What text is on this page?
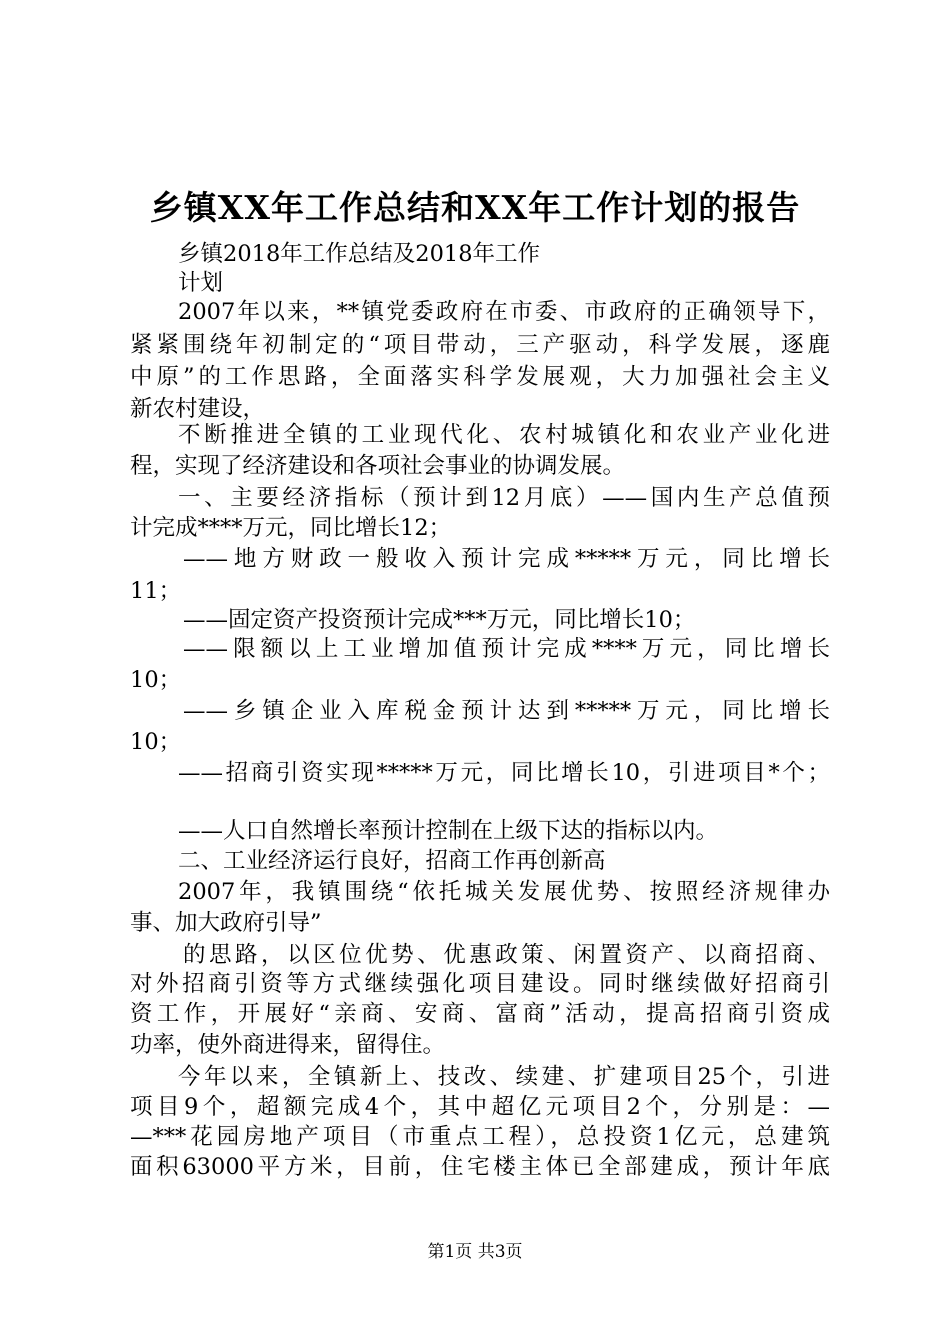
乡镇XX年工作总结和XX年工作计划的报告
乡镇2018年工作总结及2018年工作
计划
2007年以来，**镇党委政府在市委、市政府的正确领导下，
紧紧围绕年初制定的“项目带动，三产驱动，科学发展，逐鹿
中原”的工作思路，全面落实科学发展观，大力加强社会主义
新农村建设，
不断推进全镇的工业现代化、农村城镇化和农业产业化进
程，实现了经济建设和各项社会事业的协调发展。
一、主要经济指标（预计到12月底）——国内生产总值预
计完成****万元，同比增长12；
——地方财政一般收入预计完成*****万元，同比增长
11；
——固定资产投资预计完成***万元，同比增长10；
——限额以上工业增加值预计完成****万元，同比增长
10；
——乡镇企业入库税金预计达到*****万元，同比增长
10；
——招商引资实现*****万元，同比增长10，引进项目*个；
——人口自然增长率预计控制在上级下达的指标以内。
二、工业经济运行良好，招商工作再创新高
2007年，我镇围绕“依托城关发展优势、按照经济规律办
事、加大政府引导”
的思路，以区位优势、优惠政策、闲置资产、以商招商、
对外招商引资等方式继续强化项目建设。同时继续做好招商引
资工作，开展好“亲商、安商、富商”活动，提高招商引资成
功率，使外商进得来，留得住。
今年以来，全镇新上、技改、续建、扩建项目25个，引进
项目9个，超额完成4个，其中超亿元项目2个，分别是：—
—***花园房地产项目（市重点工程），总投资1亿元，总建筑
面积63000平方米，目前，住宅楼主体已全部建成，预计年底
第1页 共3页
